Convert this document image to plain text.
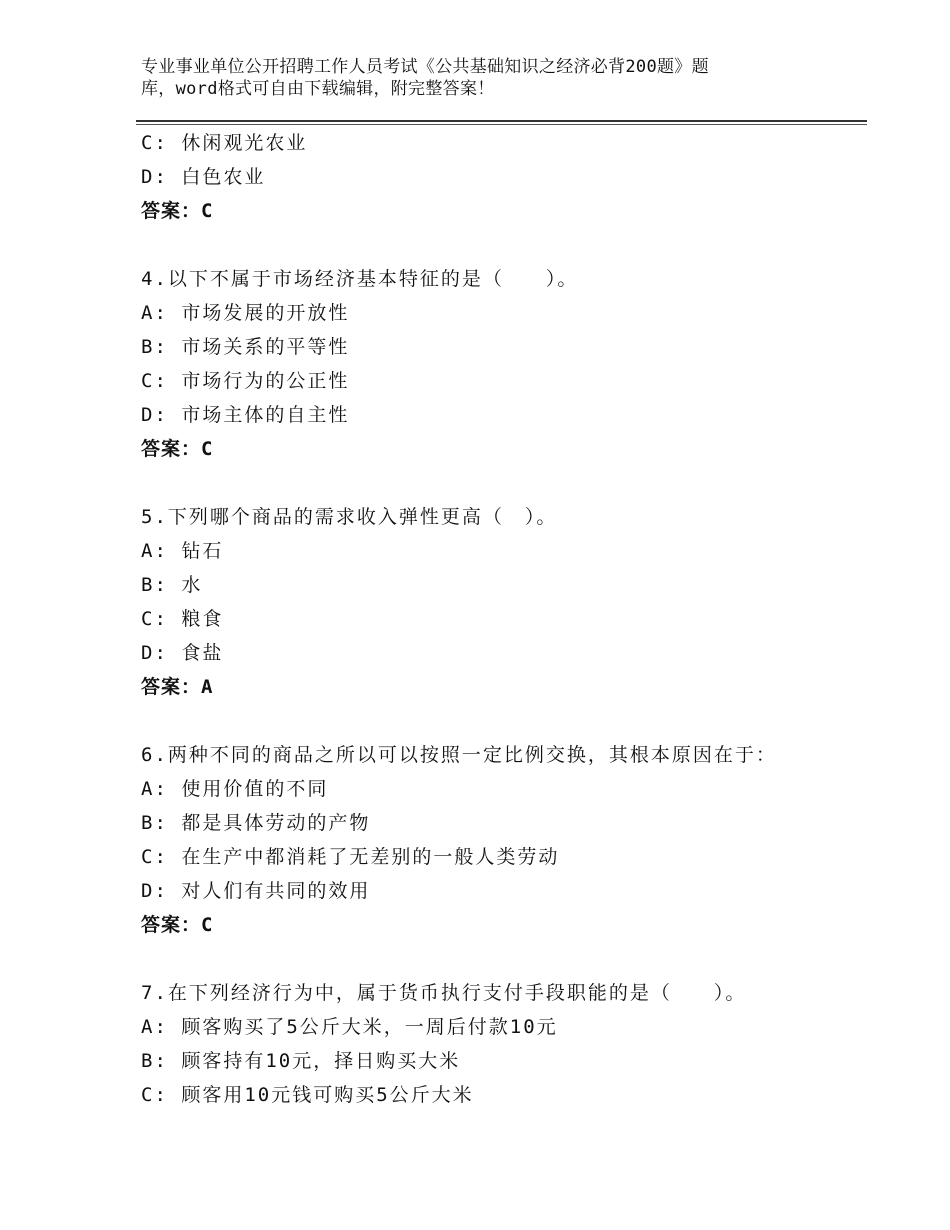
专业事业单位公开招聘工作人员考试《公共基础知识之经济必背200题》题
库，word格式可自由下载编辑，附完整答案！
C: 休闲观光农业
D: 白色农业
答案：C
4.以下不属于市场经济基本特征的是（　　）。
A: 市场发展的开放性
B: 市场关系的平等性
C: 市场行为的公正性
D: 市场主体的自主性
答案：C
5.下列哪个商品的需求收入弹性更高（　）。
A: 钻石
B: 水
C: 粮食
D: 食盐
答案：A
6.两种不同的商品之所以可以按照一定比例交换，其根本原因在于：
A: 使用价值的不同
B: 都是具体劳动的产物
C: 在生产中都消耗了无差别的一般人类劳动
D: 对人们有共同的效用
答案：C
7.在下列经济行为中，属于货币执行支付手段职能的是（　　）。
A: 顾客购买了5公斤大米，一周后付款10元
B: 顾客持有10元，择日购买大米
C: 顾客用10元钱可购买5公斤大米
